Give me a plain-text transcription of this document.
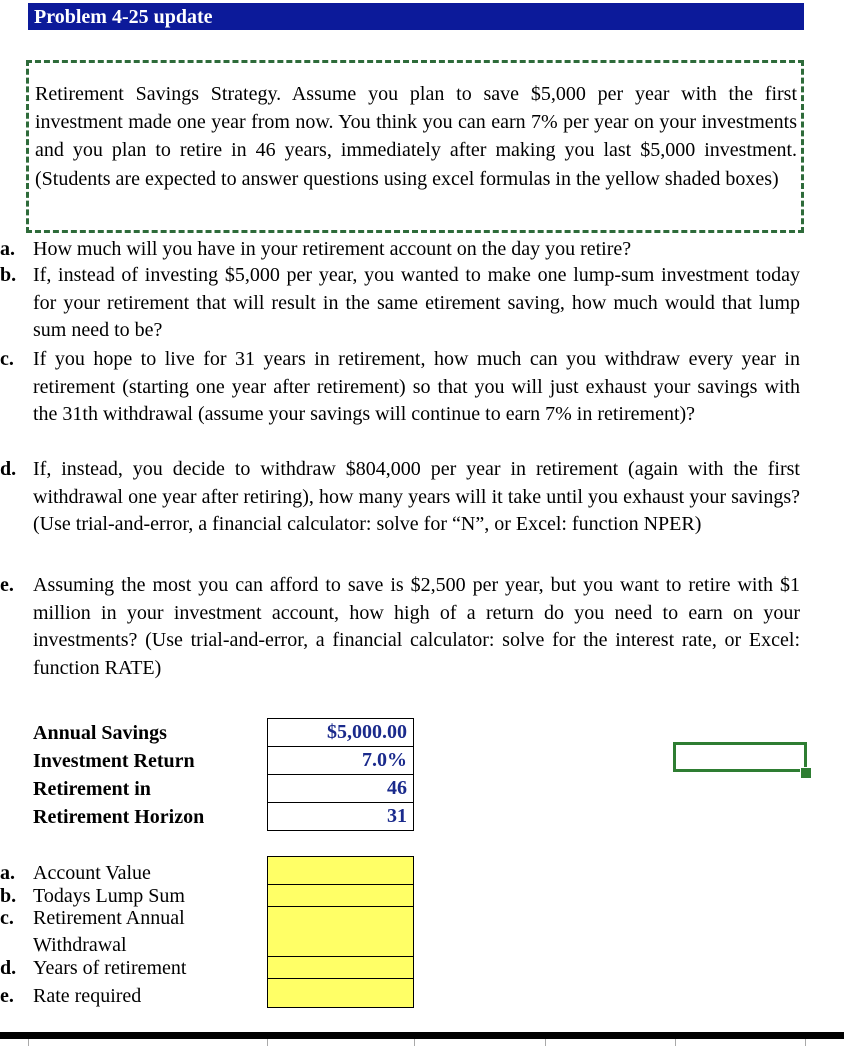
Problem 4-25 update
Retirement Savings Strategy. Assume you plan to save $5,000 per year with the first investment made one year from now. You think you can earn 7% per year on your investments and you plan to retire in 46 years, immediately after making you last $5,000 investment. (Students are expected to answer questions using excel formulas in the yellow shaded boxes)
a. How much will you have in your retirement account on the day you retire?
b. If, instead of investing $5,000 per year, you wanted to make one lump-sum investment today for your retirement that will result in the same etirement saving, how much would that lump sum need to be?
c. If you hope to live for 31 years in retirement, how much can you withdraw every year in retirement (starting one year after retirement) so that you will just exhaust your savings with the 31th withdrawal (assume your savings will continue to earn 7% in retirement)?
d. If, instead, you decide to withdraw $804,000 per year in retirement (again with the first withdrawal one year after retiring), how many years will it take until you exhaust your savings? (Use trial-and-error, a financial calculator: solve for “N”, or Excel: function NPER)
e. Assuming the most you can afford to save is $2,500 per year, but you want to retire with $1 million in your investment account, how high of a return do you need to earn on your investments? (Use trial-and-error, a financial calculator: solve for the interest rate, or Excel: function RATE)
Annual Savings
Investment Return
Retirement in
Retirement Horizon
$5,000.00
7.0%
46
31
a. Account Value
b. Todays Lump Sum
c. Retirement Annual
Withdrawal
d. Years of retirement
e. Rate required
